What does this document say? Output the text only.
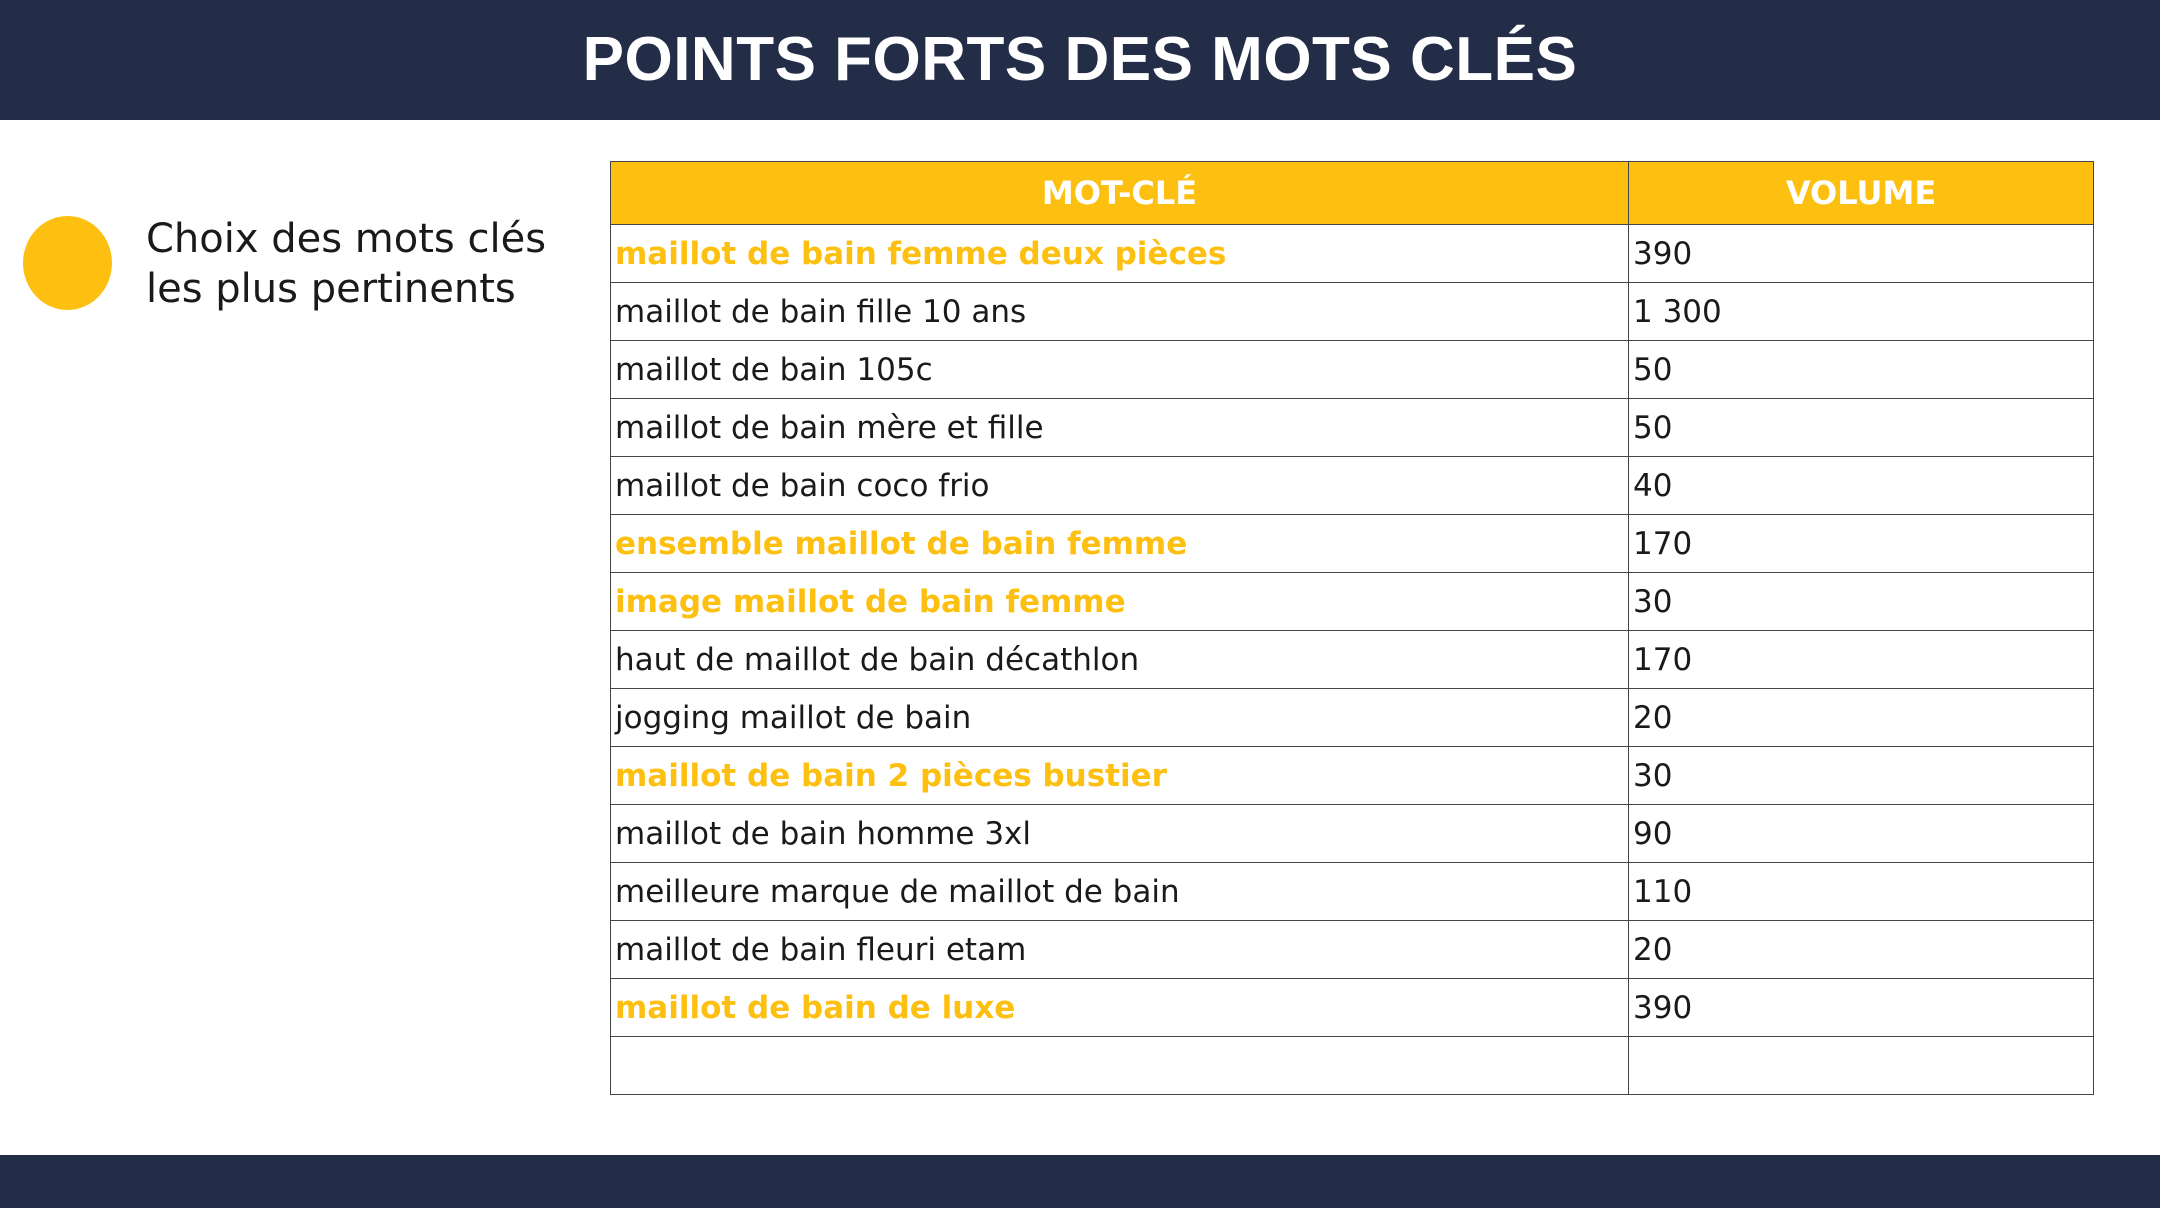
POINTS FORTS DES MOTS CLÉS
Choix des mots clés
les plus pertinents
MOT-CLÉ	VOLUME
maillot de bain femme deux pièces	390
maillot de bain fille 10 ans	1 300
maillot de bain 105c	50
maillot de bain mère et fille	50
maillot de bain coco frio	40
ensemble maillot de bain femme	170
image maillot de bain femme	30
haut de maillot de bain décathlon	170
jogging maillot de bain	20
maillot de bain 2 pièces bustier	30
maillot de bain homme 3xl	90
meilleure marque de maillot de bain	110
maillot de bain fleuri etam	20
maillot de bain de luxe	390
